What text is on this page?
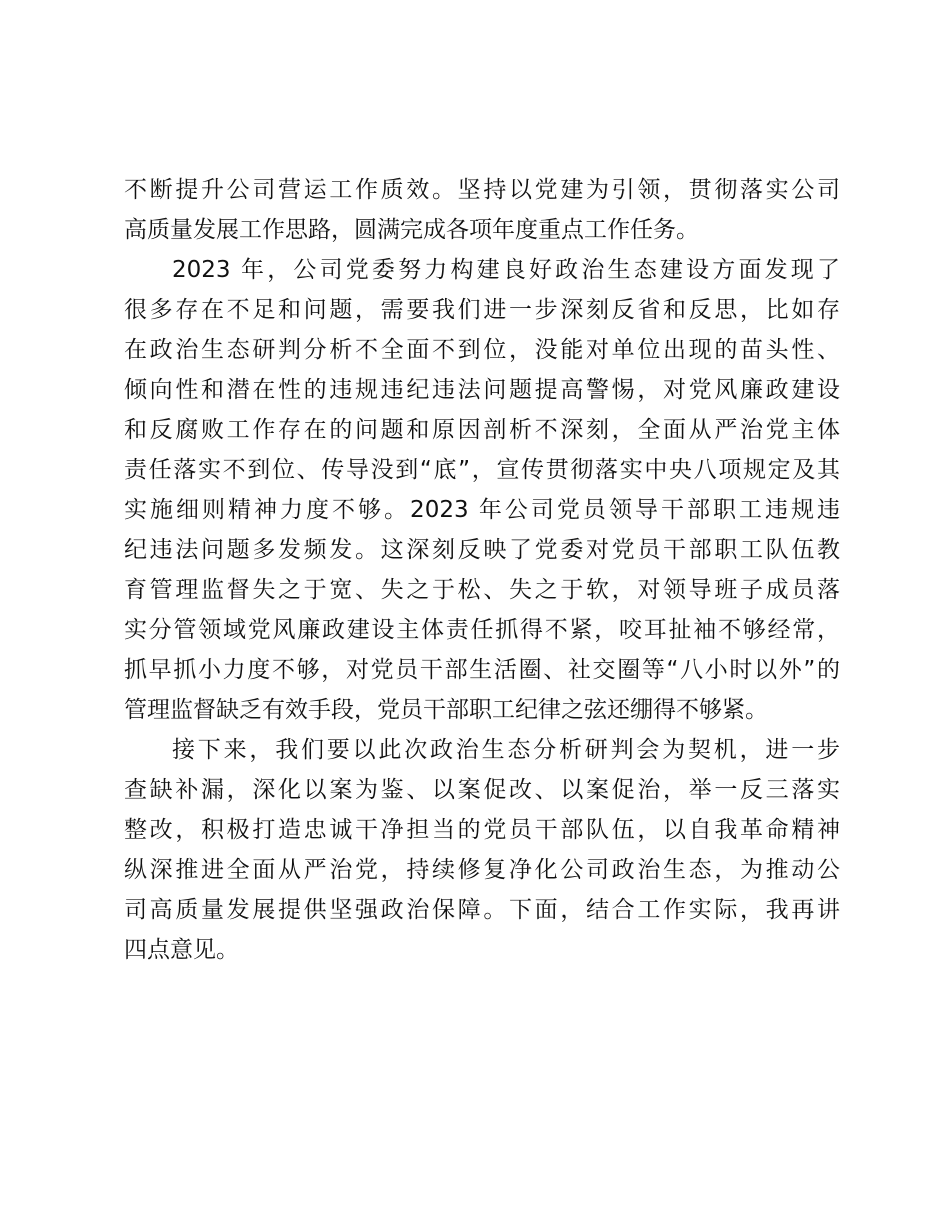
不断提升公司营运工作质效。坚持以党建为引领，贯彻落实公司
高质量发展工作思路，圆满完成各项年度重点工作任务。
2023 年，公司党委努力构建良好政治生态建设方面发现了
很多存在不足和问题，需要我们进一步深刻反省和反思，比如存
在政治生态研判分析不全面不到位，没能对单位出现的苗头性、
倾向性和潜在性的违规违纪违法问题提高警惕，对党风廉政建设
和反腐败工作存在的问题和原因剖析不深刻，全面从严治党主体
责任落实不到位、传导没到“底”，宣传贯彻落实中央八项规定及其
实施细则精神力度不够。2023 年公司党员领导干部职工违规违
纪违法问题多发频发。这深刻反映了党委对党员干部职工队伍教
育管理监督失之于宽、失之于松、失之于软，对领导班子成员落
实分管领域党风廉政建设主体责任抓得不紧，咬耳扯袖不够经常，
抓早抓小力度不够，对党员干部生活圈、社交圈等“八小时以外”的
管理监督缺乏有效手段，党员干部职工纪律之弦还绷得不够紧。
接下来，我们要以此次政治生态分析研判会为契机，进一步
查缺补漏，深化以案为鉴、以案促改、以案促治，举一反三落实
整改，积极打造忠诚干净担当的党员干部队伍，以自我革命精神
纵深推进全面从严治党，持续修复净化公司政治生态，为推动公
司高质量发展提供坚强政治保障。下面，结合工作实际，我再讲
四点意见。
